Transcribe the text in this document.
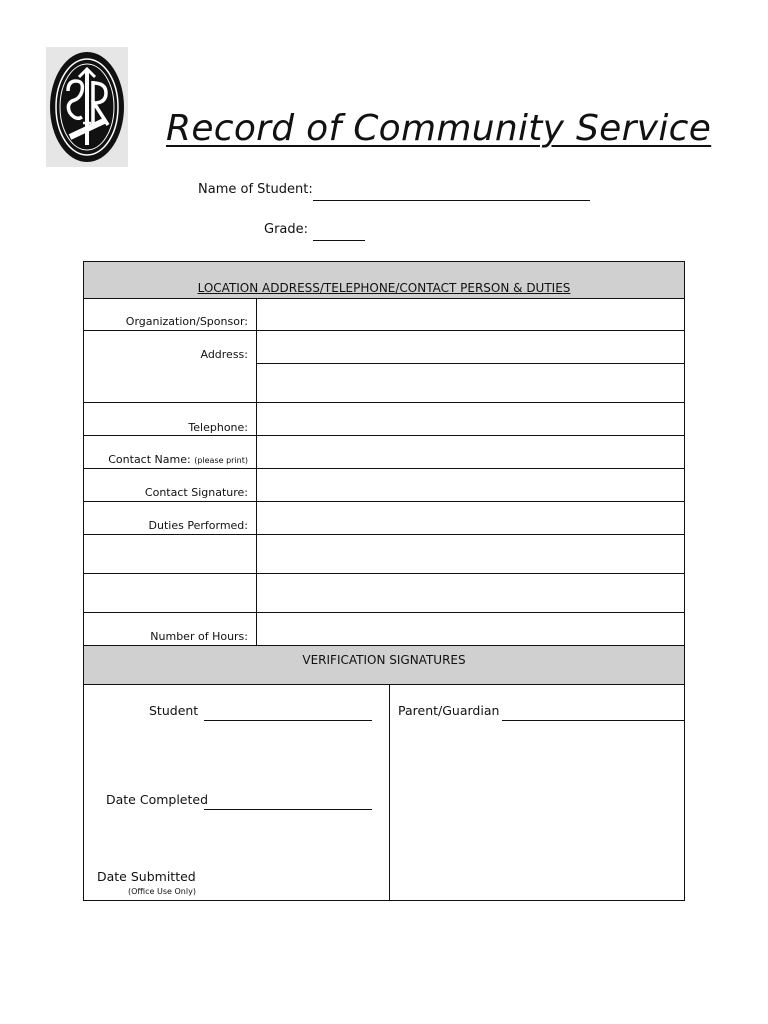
Record of Community Service
Name of Student:
Grade:
LOCATION ADDRESS/TELEPHONE/CONTACT PERSON & DUTIES
Organization/Sponsor:
Address:
Telephone:
Contact Name: (please print)
Contact Signature:
Duties Performed:
Number of Hours:
VERIFICATION SIGNATURES
Student	Parent/Guardian
Date Completed
Date Submitted
(Office Use Only)
